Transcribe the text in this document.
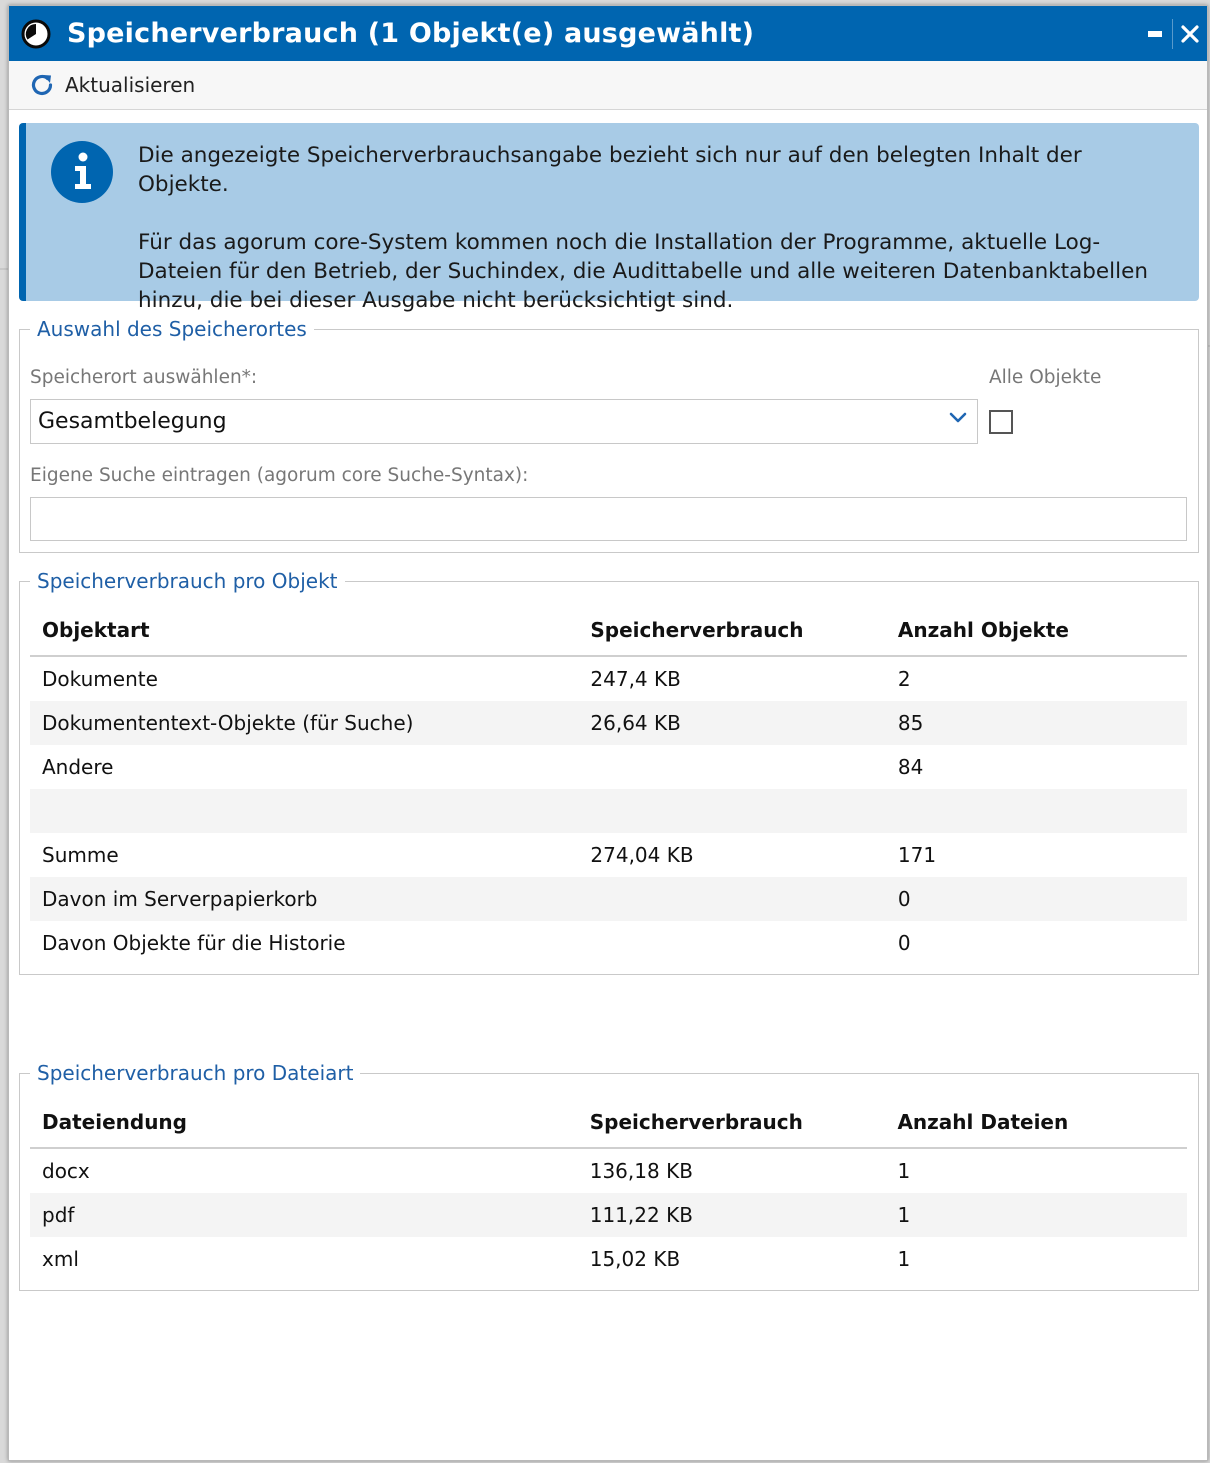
Speicherverbrauch (1 Objekt(e) ausgewählt)
Aktualisieren

Die angezeigte Speicherverbrauchsangabe bezieht sich nur auf den belegten Inhalt der Objekte.

Für das agorum core-System kommen noch die Installation der Programme, aktuelle Log-Dateien für den Betrieb, der Suchindex, die Audittabelle und alle weiteren Datenbanktabellen hinzu, die bei dieser Ausgabe nicht berücksichtigt sind.

Auswahl des Speicherortes
Speicherort auswählen*:
Gesamtbelegung
Alle Objekte
Eigene Suche eintragen (agorum core Suche-Syntax):
Speicherverbrauch pro Objekt
Objektart	Speicherverbrauch	Anzahl Objekte
Dokumente	247,4 KB	2
Dokumententext-Objekte (für Suche)	26,64 KB	85
Andere		84

Summe	274,04 KB	171
Davon im Serverpapierkorb		0
Davon Objekte für die Historie		0
Speicherverbrauch pro Dateiart
Dateiendung	Speicherverbrauch	Anzahl Dateien
docx	136,18 KB	1
pdf	111,22 KB	1
xml	15,02 KB	1
